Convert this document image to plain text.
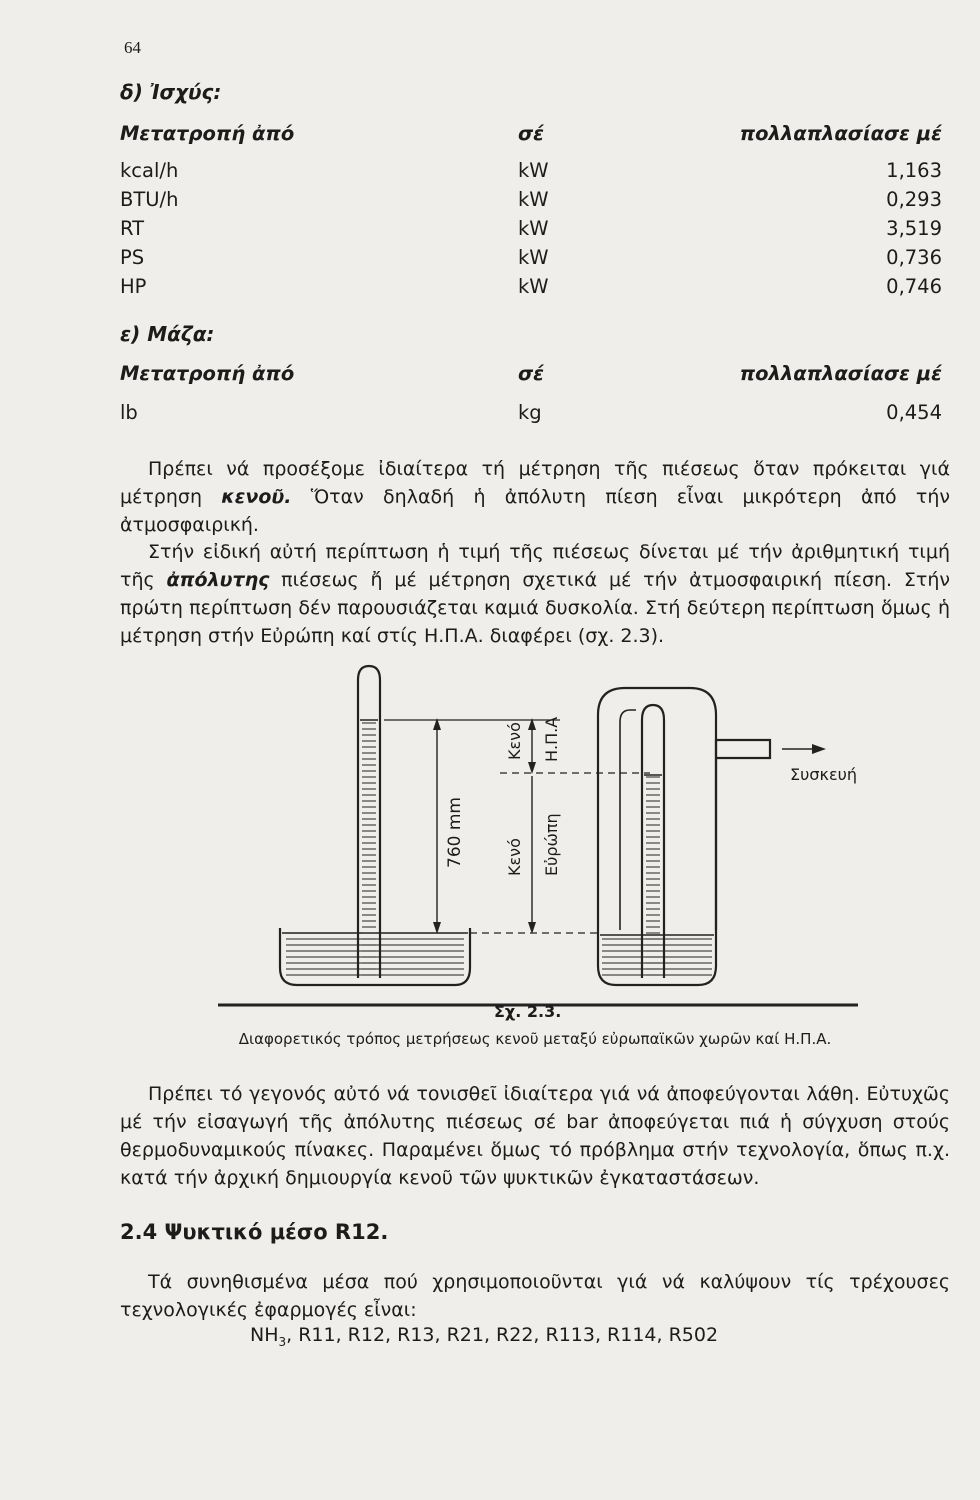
64
δ) Ἰσχύς:
Μετατροπή ἀπό	σέ	πολλαπλασίασε μέ
kcal/h	kW	1,163
BTU/h	kW	0,293
RT	kW	3,519
PS	kW	0,736
HP	kW	0,746
ε) Μάζα:
Μετατροπή ἀπό	σέ	πολλαπλασίασε μέ
lb	kg	0,454

Πρέπει νά προσέξομε ἰδιαίτερα τή μέτρηση τῆς πιέσεως ὅταν πρόκειται γιά μέτρηση κενοῦ. Ὅταν δηλαδή ἡ ἀπόλυτη πίεση εἶναι μικρότερη ἀπό τήν ἀτμοσφαιρική.

Στήν εἰδική αὐτή περίπτωση ἡ τιμή τῆς πιέσεως δίνεται μέ τήν ἀριθμητική τιμή τῆς ἀπόλυτης πιέσεως ἤ μέ μέτρηση σχετικά μέ τήν ἀτμοσφαιρική πίεση. Στήν πρώτη περίπτωση δέν παρουσιάζεται καμιά δυσκολία. Στή δεύτερη περίπτωση ὅμως ἡ μέτρηση στήν Εὐρώπη καί στίς Η.Π.Α. διαφέρει (σχ. 2.3).

760 mm
Κενό Η.Π.Α
Κενό Εὐρώπη
Συσκευή
Σχ. 2.3.
Διαφορετικός τρόπος μετρήσεως κενοῦ μεταξύ εὐρωπαϊκῶν χωρῶν καί Η.Π.Α.

Πρέπει τό γεγονός αὐτό νά τονισθεῖ ἰδιαίτερα γιά νά ἀποφεύγονται λάθη. Εὐτυχῶς μέ τήν εἰσαγωγή τῆς ἀπόλυτης πιέσεως σέ bar ἀποφεύγεται πιά ἡ σύγχυση στούς θερμοδυναμικούς πίνακες. Παραμένει ὅμως τό πρόβλημα στήν τεχνολογία, ὅπως π.χ. κατά τήν ἀρχική δημιουργία κενοῦ τῶν ψυκτικῶν ἐγκαταστάσεων.

2.4 Ψυκτικό μέσο R12.

Τά συνηθισμένα μέσα πού χρησιμοποιοῦνται γιά νά καλύψουν τίς τρέχουσες τεχνολογικές ἐφαρμογές εἶναι:

$NH_3$, R11, R12, R13, R21, R22, R113, R114, R502
